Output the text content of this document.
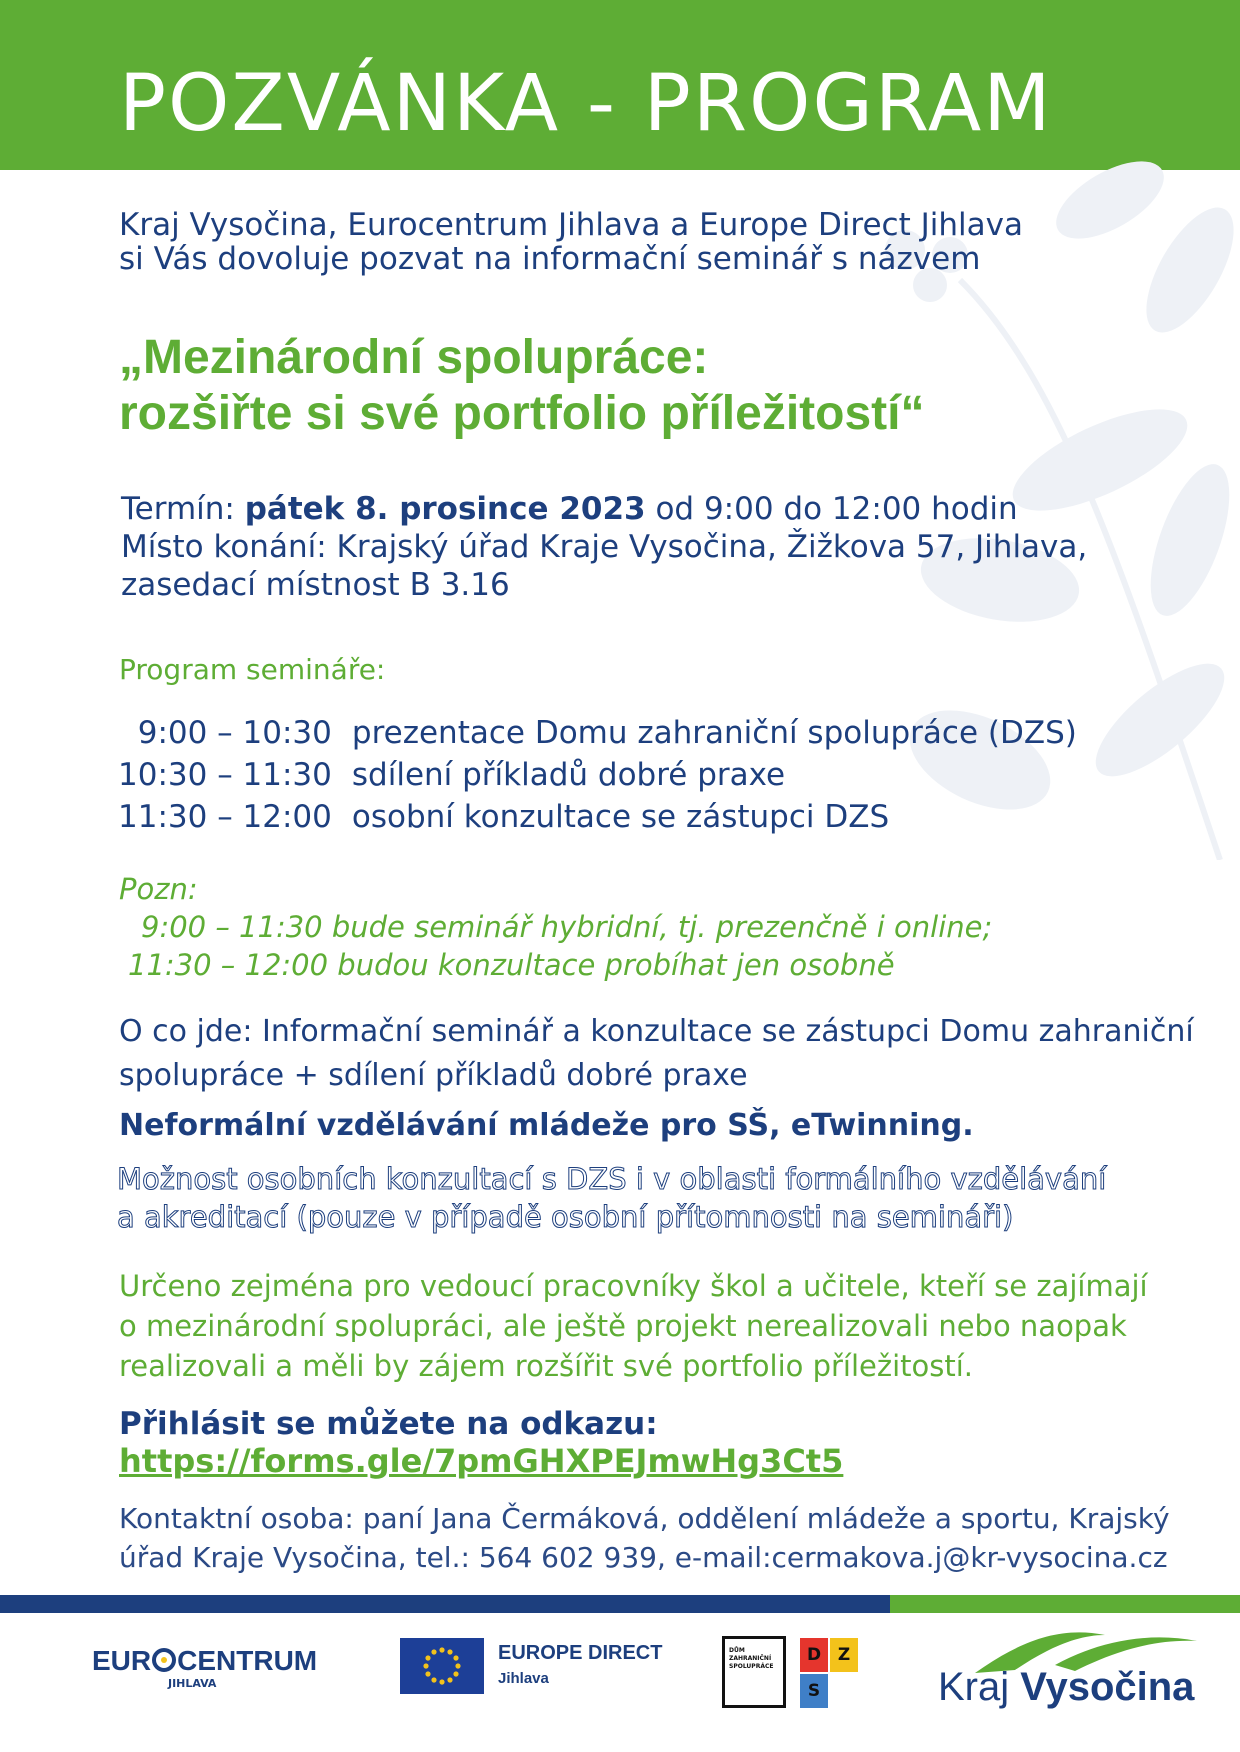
POZVÁNKA - PROGRAM

Kraj Vysočina, Eurocentrum Jihlava a Europe Direct Jihlava
si Vás dovoluje pozvat na informační seminář s názvem

„Mezinárodní spolupráce:
rozšiřte si své portfolio příležitostí“

Termín: pátek 8. prosince 2023 od 9:00 do 12:00 hodin
Místo konání: Krajský úřad Kraje Vysočina, Žižkova 57, Jihlava,
zasedací místnost B 3.16

Program semináře:

9:00 – 10:30	prezentace Domu zahraniční spolupráce (DZS)
10:30 – 11:30	sdílení příkladů dobré praxe
11:30 – 12:00	osobní konzultace se zástupci DZS

Pozn:
9:00 – 11:30 bude seminář hybridní, tj. prezenčně i online;
11:30 – 12:00 budou konzultace probíhat jen osobně

O co jde: Informační seminář a konzultace se zástupci Domu zahraniční
spolupráce + sdílení příkladů dobré praxe

Neformální vzdělávání mládeže pro SŠ, eTwinning.

Možnost osobních konzultací s DZS i v oblasti formálního vzdělávání
a akreditací (pouze v případě osobní přítomnosti na semináři)

Určeno zejména pro vedoucí pracovníky škol a učitele, kteří se zajímají
o mezinárodní spolupráci, ale ještě projekt nerealizovali nebo naopak
realizovali a měli by zájem rozšířit své portfolio příležitostí.

Přihlásit se můžete na odkazu:

https://forms.gle/7pmGHXPEJmwHg3Ct5

Kontaktní osoba: paní Jana Čermáková, oddělení mládeže a sportu, Krajský
úřad Kraje Vysočina, tel.: 564 602 939, e-mail:cermakova.j@kr-vysocina.cz

EUR CENTRUM
JIHLAVA
EUROPE DIRECT
Jihlava
DŮM ZAHRANIČNÍ SPOLUPRÁCE
D Z
S	Kraj Vysočina
